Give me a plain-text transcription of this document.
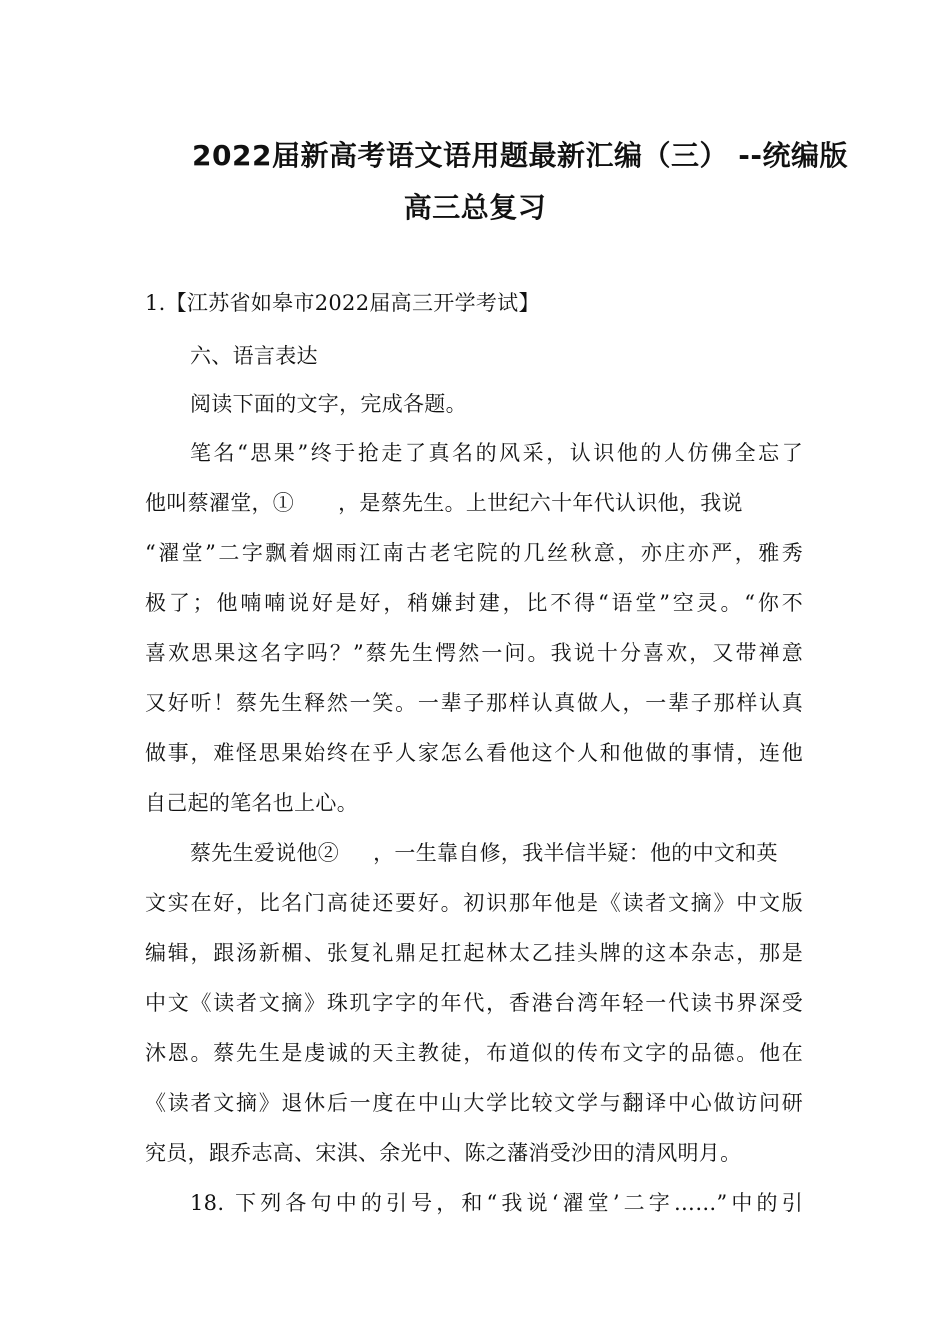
2022届新高考语文语用题最新汇编（三） --统编版
高三总复习
1.【江苏省如皋市2022届高三开学考试】
六、语言表达
阅读下面的文字，完成各题。
笔名“思果”终于抢走了真名的风采，认识他的人仿佛全忘了
他叫蔡濯堂，① ，是蔡先生。上世纪六十年代认识他，我说
“濯堂”二字飘着烟雨江南古老宅院的几丝秋意，亦庄亦严，雅秀
极了；他喃喃说好是好，稍嫌封建，比不得“语堂”空灵。“你不
喜欢思果这名字吗？”蔡先生愕然一问。我说十分喜欢，又带禅意
又好听！蔡先生释然一笑。一辈子那样认真做人，一辈子那样认真
做事，难怪思果始终在乎人家怎么看他这个人和他做的事情，连他
自己起的笔名也上心。
蔡先生爱说他② ，一生靠自修，我半信半疑：他的中文和英
文实在好，比名门高徒还要好。初识那年他是《读者文摘》中文版
编辑，跟汤新楣、张复礼鼎足扛起林太乙挂头牌的这本杂志，那是
中文《读者文摘》珠玑字字的年代，香港台湾年轻一代读书界深受
沐恩。蔡先生是虔诚的天主教徒，布道似的传布文字的品德。他在
《读者文摘》退休后一度在中山大学比较文学与翻译中心做访问研
究员，跟乔志高、宋淇、余光中、陈之藩消受沙田的清风明月。
18. 下列各句中的引号，和“我说‘濯堂’二字……”中的引
